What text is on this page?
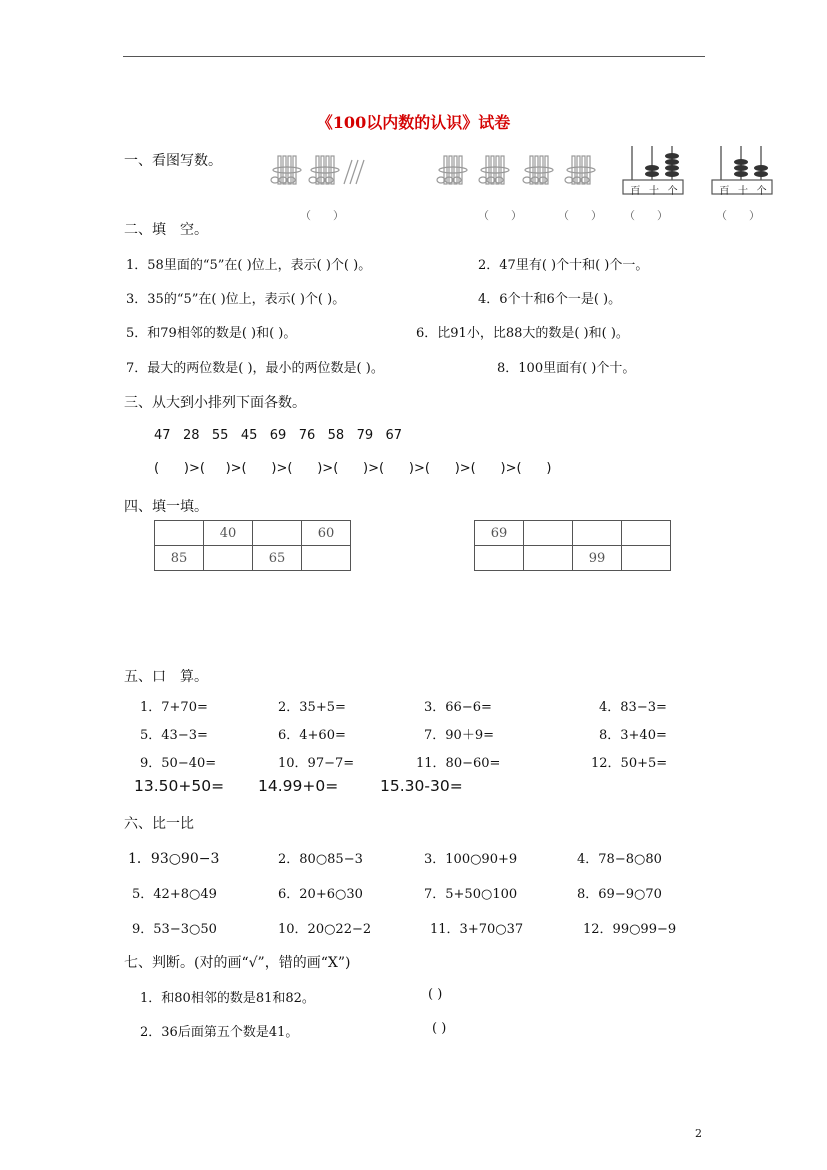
《100以内数的认识》试卷
一、看图写数。
（　　）	（　　）	（　　）
百 十 个
（　　）
百 十 个
（　　）
二、填　空。
1．58里面的“5”在( )位上，表示( )个( )。	2．47里有( )个十和( )个一。
3．35的“5”在( )位上，表示( )个( )。	4．6个十和6个一是( )。
5．和79相邻的数是( )和( )。	6．比91小，比88大的数是( )和( )。
7．最大的两位数是( )，最小的两位数是( )。	8．100里面有( )个十。
三、从大到小排列下面各数。
47   28   55   45   69   76   58   79   67
(      )>(     )>(      )>(      )>(      )>(      )>(      )>(      )>(      )
四、填一填。
	40		60
85		65	
69			
		99	
五、口　算。
1．7+70=	2．35+5=	3．66−6=	4．83−3=
5．43−3=	6．4+60=	7．90＋9=	8．3+40=
9．50−40=	10．97−7=	11．80−60=	12．50+5=
13.50+50= 14.99+0=	15.30-30=
六、比一比
1．93○90−3	2．80○85−3	3．100○90+9	4．78−8○80
5．42+8○49	6．20+6○30	7．5+50○100	8．69−9○70
9．53−3○50	10．20○22−2	11．3+70○37	12．99○99−9
七、判断。(对的画“√”，错的画“X”)
1．和80相邻的数是81和82。	( )
2．36后面第五个数是41。	( )
2
